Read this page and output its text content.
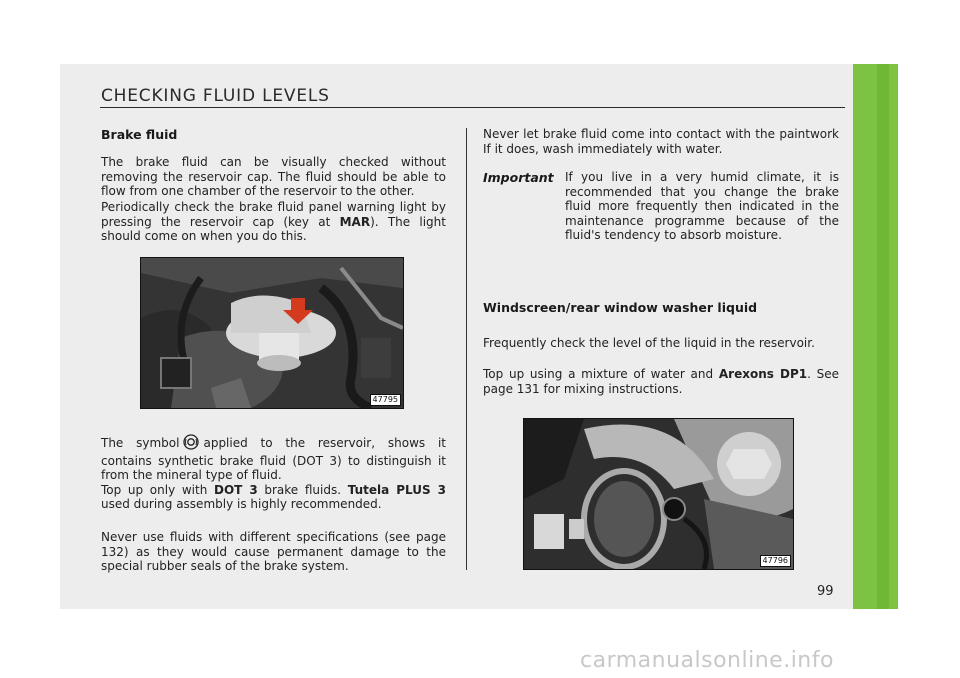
CHECKING FLUID LEVELS
Brake fluid

The brake fluid can be visually checked without removing the reservoir cap. The fluid should be able to flow from one chamber of the reservoir to the other.

Periodically check the brake fluid panel warning light by pressing the reservoir cap (key at MAR). The light should come on when you do this.

47795

The symbol applied to the reservoir, shows it contains synthetic brake fluid (DOT 3) to distinguish it from the mineral type of fluid.
Top up only with DOT 3 brake fluids. Tutela PLUS 3 used during assembly is highly recommended.

Never use fluids with different specifications (see page 132) as they would cause permanent damage to the special rubber seals of the brake system.

Never let brake fluid come into contact with the paintwork If it does, wash immediately with water.

Important If you live in a very humid climate, it is recommended that you change the brake fluid more frequently then indicated in the maintenance programme because of the fluid's tendency to absorb moisture.

Windscreen/rear window washer liquid

Frequently check the level of the liquid in the reservoir.

Top up using a mixture of water and Arexons DP1. See page 131 for mixing instructions.

47796
99
carmanualsonline.info
